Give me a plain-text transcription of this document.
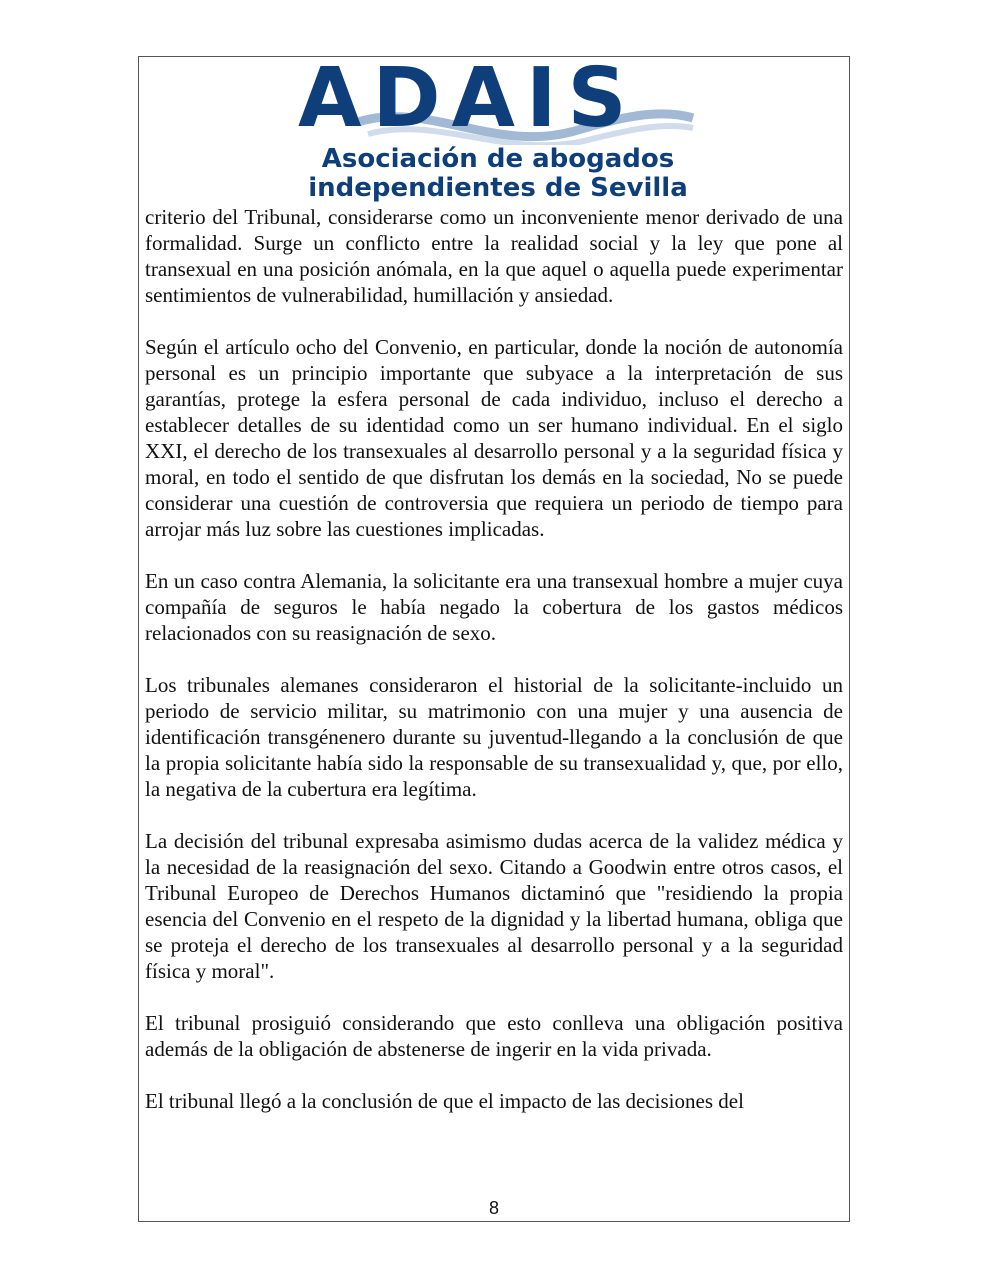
ADAIS
Asociación de abogados
independientes de Sevilla

criterio del Tribunal, considerarse como un inconveniente menor derivado de una formalidad. Surge un conflicto entre la realidad social y la ley que pone al transexual en una posición anómala, en la que aquel o aquella puede experimentar sentimientos de vulnerabilidad, humillación y ansiedad.

Según el artículo ocho del Convenio, en particular, donde la noción de autonomía personal es un principio importante que subyace a la interpretación de sus garantías, protege la esfera personal de cada individuo, incluso el derecho a establecer detalles de su identidad como un ser humano individual. En el siglo XXI, el derecho de los transexuales al desarrollo personal y a la seguridad física y moral, en todo el sentido de que disfrutan los demás en la sociedad, No se puede considerar una cuestión de controversia que requiera un periodo de tiempo para arrojar más luz sobre las cuestiones implicadas.

En un caso contra Alemania, la solicitante era una transexual hombre a mujer cuya compañía de seguros le había negado la cobertura de los gastos médicos relacionados con su reasignación de sexo.

Los tribunales alemanes consideraron el historial de la solicitante-incluido un periodo de servicio militar, su matrimonio con una mujer y una ausencia de identificación transgénenero durante su juventud-llegando a la conclusión de que la propia solicitante había sido la responsable de su transexualidad y, que, por ello, la negativa de la cubertura era legítima.

La decisión del tribunal expresaba asimismo dudas acerca de la validez médica y la necesidad de la reasignación del sexo. Citando a Goodwin entre otros casos, el Tribunal Europeo de Derechos Humanos dictaminó que "residiendo la propia esencia del Convenio en el respeto de la dignidad y la libertad humana, obliga que se proteja el derecho de los transexuales al desarrollo personal y a la seguridad física y moral".

El tribunal prosiguió considerando que esto conlleva una obligación positiva además de la obligación de abstenerse de ingerir en la vida privada.

El tribunal llegó a la conclusión de que el impacto de las decisiones del

8
